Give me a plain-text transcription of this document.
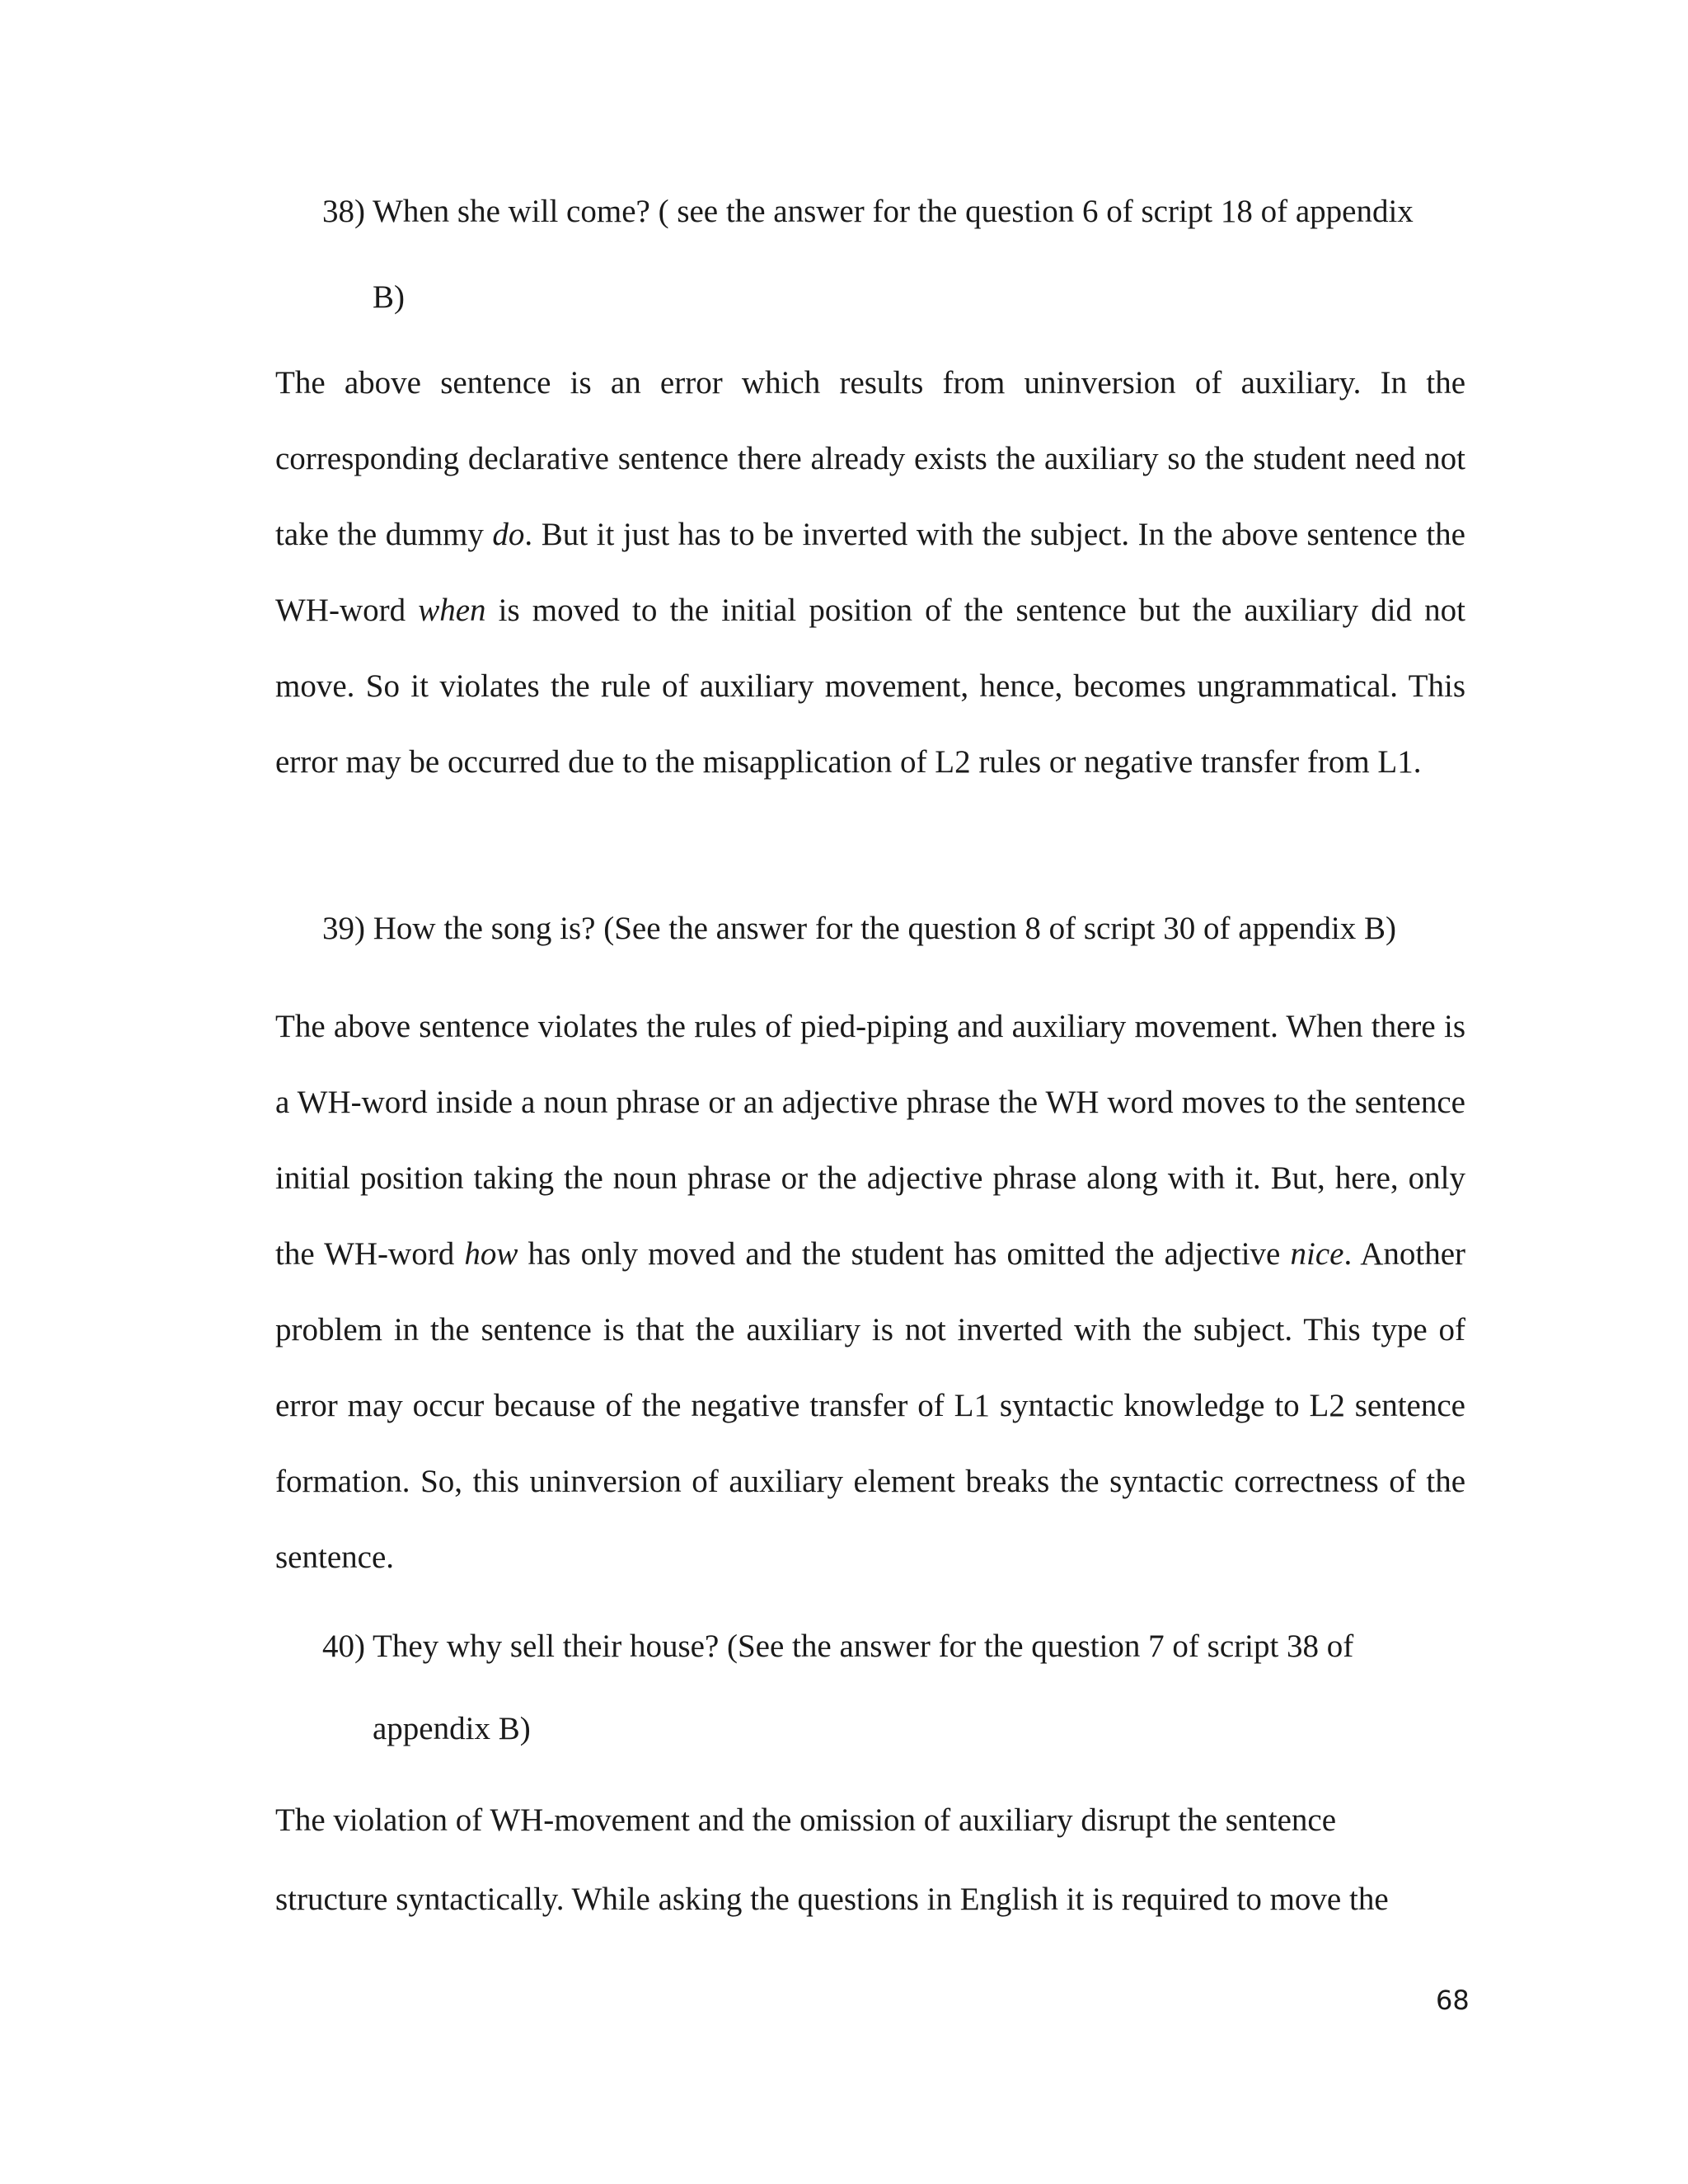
38) When she will come? ( see the answer for the question 6 of script 18 of appendix
B)

The above sentence is an error which results from uninversion of auxiliary. In the corresponding declarative sentence there already exists the auxiliary so the student need not take the dummy do. But it just has to be inverted with the subject. In the above sentence the WH-word when is moved to the initial position of the sentence but the auxiliary did not move. So it violates the rule of auxiliary movement, hence, becomes ungrammatical. This error may be occurred due to the misapplication of L2 rules or negative transfer from L1.

39) How the song is? (See the answer for the question 8 of script 30 of appendix B)

The above sentence violates the rules of pied-piping and auxiliary movement. When there is a WH-word inside a noun phrase or an adjective phrase the WH word moves to the sentence initial position taking the noun phrase or the adjective phrase along with it. But, here, only the WH-word how has only moved and the student has omitted the adjective nice. Another problem in the sentence is that the auxiliary is not inverted with the subject. This type of error may occur because of the negative transfer of L1 syntactic knowledge to L2 sentence formation. So, this uninversion of auxiliary element breaks the syntactic correctness of the sentence.

40) They why sell their house? (See the answer for the question 7 of script 38 of
appendix B)
The violation of WH-movement and the omission of auxiliary disrupt the sentence
structure syntactically. While asking the questions in English it is required to move the
68
